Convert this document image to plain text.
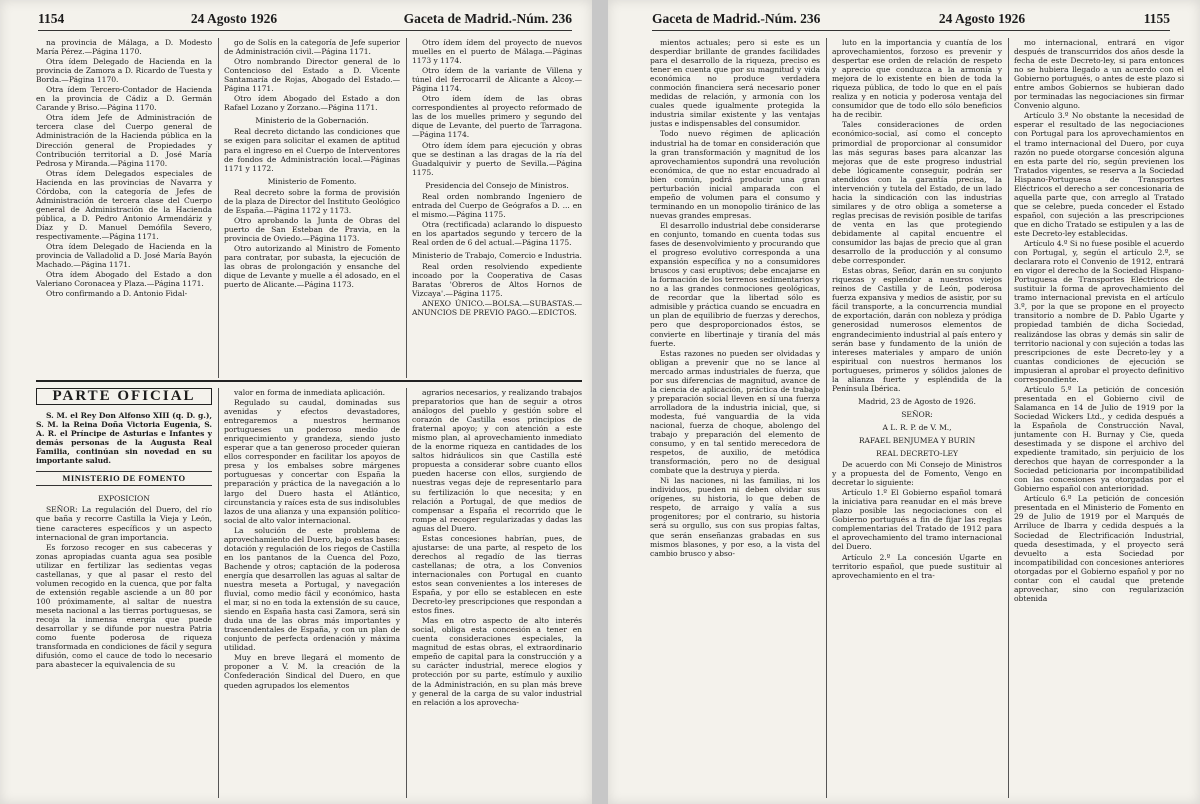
1154	24 Agosto 1926	Gaceta de Madrid.-Núm. 236
na provincia de Málaga, a D. Modesto María Pérez.—Página 1170.
Otra ídem Delegado de Hacienda en la provincia de Zamora a D. Ricardo de Tuesta y Borda.—Página 1170.
Otra ídem Tercero-Contador de Hacienda en la provincia de Cádiz a D. Germán Carande y Briso.—Página 1170.
Otra ídem Jefe de Administración de tercera clase del Cuerpo general de Administración de la Hacienda pública en la Dirección general de Propiedades y Contribución territorial a D. José María Pedrosa y Miranda.—Página 1170.
Otras ídem Delegados especiales de Hacienda en las provincias de Navarra y Córdoba, con la categoría de Jefes de Administración de tercera clase del Cuerpo general de Administración de la Hacienda pública, a D. Pedro Antonio Armendáriz y Díaz y D. Manuel Demófila Severo, respectivamente.—Página 1171.
Otra ídem Delegado de Hacienda en la provincia de Valladolid a D. José María Bayón Machado.—Página 1171.
Otra ídem Abogado del Estado a don Valeriano Coronacea y Plaza.—Página 1171.
Otro confirmando a D. Antonio Fidal-
go de Solís en la categoría de Jefe superior de Administración civil.—Página 1171.
Otro nombrando Director general de lo Contencioso del Estado a D. Vicente Santamaría de Rojas, Abogado del Estado.—Página 1171.
Otro ídem Abogado del Estado a don Rafael Lozano y Zorzano.—Página 1171.
Ministerio de la Gobernación.
Real decreto dictando las condiciones que se exigen para solicitar el examen de aptitud para el ingreso en el Cuerpo de Interventores de fondos de Administración local.—Páginas 1171 y 1172.
Ministerio de Fomento.
Real decreto sobre la forma de provisión de la plaza de Director del Instituto Geológico de España.—Página 1172 y 1173.
Otro aprobando la Junta de Obras del puerto de San Esteban de Pravia, en la provincia de Oviedo.—Página 1173.
Otro autorizando al Ministro de Fomento para contratar, por subasta, la ejecución de las obras de prolongación y ensanche del dique de Levante y muelle a él adosado, en el puerto de Alicante.—Página 1173.
Otro ídem ídem del proyecto de nuevos muelles en el puerto de Málaga.—Páginas 1173 y 1174.
Otro ídem de la variante de Villena y túnel del ferrocarril de Alicante a Alcoy.—Página 1174.
Otro ídem ídem de las obras correspondientes al proyecto reformado de las de los muelles primero y segundo del dique de Levante, del puerto de Tarragona.—Página 1174.
Otro ídem ídem para ejecución y obras que se destinan a las dragas de la ría del Guadalquivir y puerto de Sevilla.—Página 1175.
Presidencia del Consejo de Ministros.
Real orden nombrando Ingeniero de entrada del Cuerpo de Geógrafos a D. ... en el mismo.—Página 1175.
Otra (rectificada) aclarando lo dispuesto en los apartados segundo y tercero de la Real orden de 6 del actual.—Página 1175.
Ministerio de Trabajo, Comercio e Industria.
Real orden resolviendo expediente incoado por la Cooperativa de Casas Baratas 'Obreros de Altos Hornos de Vizcaya'.—Página 1175.
ANEXO ÚNICO.—BOLSA.—SUBASTAS.—ANUNCIOS DE PREVIO PAGO.—EDICTOS.
PARTE OFICIAL
S. M. el Rey Don Alfonso XIII (q. D. g.), S. M. la Reina Doña Victoria Eugenia, S. A. R. el Príncipe de Asturias e Infantes y demás personas de la Augusta Real Familia, continúan sin novedad en su importante salud.
MINISTERIO DE FOMENTO
EXPOSICION
SEÑOR: La regulación del Duero, del río que baña y recorre Castilla la Vieja y León, tiene caracteres específicos y un aspecto internacional de gran importancia.
Es forzoso recoger en sus cabeceras y zonas apropiadas cuanta agua sea posible utilizar en fertilizar las sedientas vegas castellanas, y que al pasar el resto del volumen recogido en la cuenca, que por falta de extensión regable asciende a un 80 por 100 próximamente, al saltar de nuestra meseta nacional a las tierras portuguesas, se recoja la inmensa energía que puede desarrollar y se difunde por nuestra Patria como fuente poderosa de riqueza transformada en condiciones de fácil y segura difusión, como el cauce de todo lo necesario para abastecer la equivalencia de su
valor en forma de inmediata aplicación.
Regulado su caudal, dominadas sus avenidas y efectos devastadores, entregaremos a nuestros hermanos portugueses un poderoso medio de enriquecimiento y grandeza, siendo justo esperar que a tan generoso proceder quieran ellos corresponder en facilitar los apoyos de presa y los embalses sobre márgenes portuguesas y concertar con España la preparación y práctica de la navegación a lo largo del Duero hasta el Atlántico, circunstancia y raíces esta de sus indisolubles lazos de una alianza y una expansión político-social de alto valor internacional.
La solución de este problema de aprovechamiento del Duero, bajo estas bases: dotación y regulación de los riegos de Castilla en los pantanos de la Cuenca del Pozo, Bachende y otros; captación de la poderosa energía que desarrollen las aguas al saltar de nuestra meseta a Portugal, y navegación fluvial, como medio fácil y económico, hasta el mar, si no en toda la extensión de su cauce, siendo en España hasta casi Zamora, será sin duda una de las obras más importantes y trascendentales de España, y con un plan de conjunto de perfecta ordenación y máxima utilidad.
Muy en breve llegará el momento de proponer a V. M. la creación de la Confederación Sindical del Duero, en que queden agrupados los elementos
agrarios necesarios, y realizando trabajos preparatorios que han de seguir a otros análogos del pueblo y gestión sobre el corazón de Castilla esos principios de fraternal apoyo; y con atención a este mismo plan, al aprovechamiento inmediato de la enorme riqueza en cantidades de los saltos hidráulicos sin que Castilla esté propuesta a considerar sobre cuanto ellos pueden hacerse con ellos, surgiendo de nuestras vegas deje de representarlo para su fertilización lo que necesita; y en relación a Portugal, de que medios de compensar a España el recorrido que le rompe al recoger regularizadas y dadas las aguas del Duero.
Estas concesiones habrían, pues, de ajustarse: de una parte, al respeto de los derechos al regadío de las tierras castellanas; de otra, a los Convenios internacionales con Portugal en cuanto estos sean convenientes a los intereses de España, y por ello se establecen en este Decreto-ley prescripciones que respondan a estos fines.
Mas en otro aspecto de alto interés social, obliga esta concesión a tener en cuenta consideraciones especiales, la magnitud de estas obras, el extraordinario empeño de capital para la construcción y a su carácter industrial, merece elogios y protección por su parte, estímulo y auxilio de la Administración, en su plan más breve y general de la carga de su valor industrial en relación a los aprovecha-
Gaceta de Madrid.-Núm. 236	24 Agosto 1926	1155
mientos actuales; pero si este es un desperdiar brillante de grandes facilidades para el desarrollo de la riqueza, preciso es tener en cuenta que por su magnitud y vida económica no produce verdadera conmoción financiera será necesario poner medidas de relación, y armonía con los cuales quede igualmente protegida la industria similar existente y las ventajas justas e indispensables del consumidor.
Todo nuevo régimen de aplicación industrial ha de tomar en consideración que la gran transformación y magnitud de los aprovechamientos supondrá una revolución económica, de que no estar encuadrado al bien común, podrá producir una gran perturbación inicial amparada con el empeño de volumen para el consumo y terminando en un monopolio tiránico de las nuevas grandes empresas.
El desarrollo industrial debe considerarse en conjunto, tomando en cuenta todas sus fases de desenvolvimiento y procurando que el progreso evolutivo corresponda a una expansión específica y no a consumidores bruscos y casi eruptivos; debe encajarse en la formación de los terrenos sedimentarios y no a las grandes conmociones geológicas, de recordar que la libertad sólo es admisible y práctica cuando se encuadra en un plan de equilibrio de fuerzas y derechos, pero que desproporcionados éstos, se convierte en libertinaje y tiranía del más fuerte.
Estas razones no pueden ser olvidadas y obligan a prevenir que no se lance al mercado armas industriales de fuerza, que por sus diferencias de magnitud, avance de la ciencia de aplicación, práctica de trabajo y preparación social lleven en sí una fuerza arrolladora de la industria inicial, que, si modesta, fué vanguardia de la vida nacional, fuerza de choque, abolengo del trabajo y preparación del elemento de consumo, y en tal sentido merecedora de respetos, de auxilio, de metódica transformación, pero no de desigual combate que la destruya y pierda.
Ni las naciones, ni las familias, ni los individuos, pueden ni deben olvidar sus orígenes, su historia, lo que deben de respeto, de arraigo y valía a sus progenitores; por el contrario, su historia será su orgullo, sus con sus propias faltas, que serán enseñanzas grabadas en sus mismos blasones, y por eso, a la vista del cambio brusco y abso-
luto en la importancia y cuantía de los aprovechamientos, forzoso es prevenir y despertar ese orden de relación de respeto y aprecio que conduzca a la armonía y mejora de lo existente en bien de toda la riqueza pública, de todo lo que en el país realiza y en noticia y poderosa ventaja del consumidor que de todo ello sólo beneficios ha de recibir.
Tales consideraciones de orden económico-social, así como el concepto primordial de proporcionar al consumidor las más seguras bases para alcanzar las mejoras que de este progreso industrial debe lógicamente conseguir, podrán ser atendidos con la garantía precisa, la intervención y tutela del Estado, de un lado hacia la sindicación con las industrias similares y de otro obliga a someterse a reglas precisas de revisión posible de tarifas de venta en las que protegiendo debidamente al capital encuentre el consumidor las bajas de precio que al gran desarrollo de la producción y al consumo debe corresponder.
Estas obras, Señor, darán en su conjunto riquezas y esplendor a nuestros viejos reinos de Castilla y de León, poderosa fuerza expansiva y medios de asistir, por su fácil transporte, a la concurrencia mundial de exportación, darán con nobleza y pródiga generosidad numerosos elementos de engrandecimiento industrial al país entero y serán base y fundamento de la unión de intereses materiales y amparo de unión espiritual con nuestros hermanos los portugueses, primeros y sólidos jalones de la alianza fuerte y espléndida de la Península Ibérica.
Madrid, 23 de Agosto de 1926.
SEÑOR:
A L. R. P. de V. M.,
RAFAEL BENJUMEA Y BURIN
REAL DECRETO-LEY
De acuerdo con Mi Consejo de Ministros y a propuesta del de Fomento, Vengo en decretar lo siguiente:
Artículo 1.º El Gobierno español tomará la iniciativa para reanudar en el más breve plazo posible las negociaciones con el Gobierno portugués a fin de fijar las reglas complementarias del Tratado de 1912 para el aprovechamiento del tramo internacional del Duero.
Artículo 2.º La concesión Ugarte en territorio español, que puede sustituir al aprovechamiento en el tra-
mo internacional, entrará en vigor después de transcurridos dos años desde la fecha de este Decreto-ley, si para entonces no se hubiera llegado a un acuerdo con el Gobierno portugués, o antes de este plazo si entre ambos Gobiernos se hubieran dado por terminadas las negociaciones sin firmar Convenio alguno.
Artículo 3.º No obstante la necesidad de esperar el resultado de las negociaciones con Portugal para los aprovechamientos en el tramo internacional del Duero, por cuya razón no puede otorgarse concesión alguna en esta parte del río, según previenen los Tratados vigentes, se reserva a la Sociedad Hispano-Portuguesa de Transportes Eléctricos el derecho a ser concesionaria de aquella parte que, con arreglo al Tratado que se celebre, pueda conceder el Estado español, con sujeción a las prescripciones que en dicho Tratado se estipulen y a las de este Decreto-ley establecidas.
Artículo 4.º Si no fuese posible el acuerdo con Portugal, y, según el artículo 2.º, se declarara roto el Convenio de 1912, entrará en vigor el derecho de la Sociedad Hispano-Portuguesa de Transportes Eléctricos de sustituir la forma de aprovechamiento del tramo internacional prevista en el artículo 3.º, por la que se propone en el proyecto transitorio a nombre de D. Pablo Ugarte y propiedad también de dicha Sociedad, realizándose las obras y demás sin salir de territorio nacional y con sujeción a todas las prescripciones de este Decreto-ley y a cuantas condiciones de ejecución se impusieran al aprobar el proyecto definitivo correspondiente.
Artículo 5.º La petición de concesión presentada en el Gobierno civil de Salamanca en 14 de Julio de 1919 por la Sociedad Wickers Ltd., y cedida después a la Española de Construcción Naval, juntamente con H. Burnay y Cie, queda desestimada y se dispone el archivo del expediente tramitado, sin perjuicio de los derechos que hayan de corresponder a la Sociedad peticionaria por incompatibilidad con las concesiones ya otorgadas por el Gobierno español con anterioridad.
Artículo 6.º La petición de concesión presentada en el Ministerio de Fomento en 29 de Julio de 1919 por el Marqués de Arriluce de Ibarra y cedida después a la Sociedad de Electrificación Industrial, queda desestimada, y el proyecto será devuelto a esta Sociedad por incompatibilidad con concesiones anteriores otorgadas por el Gobierno español y por no contar con el caudal que pretende aprovechar, sino con regularización obtenida
